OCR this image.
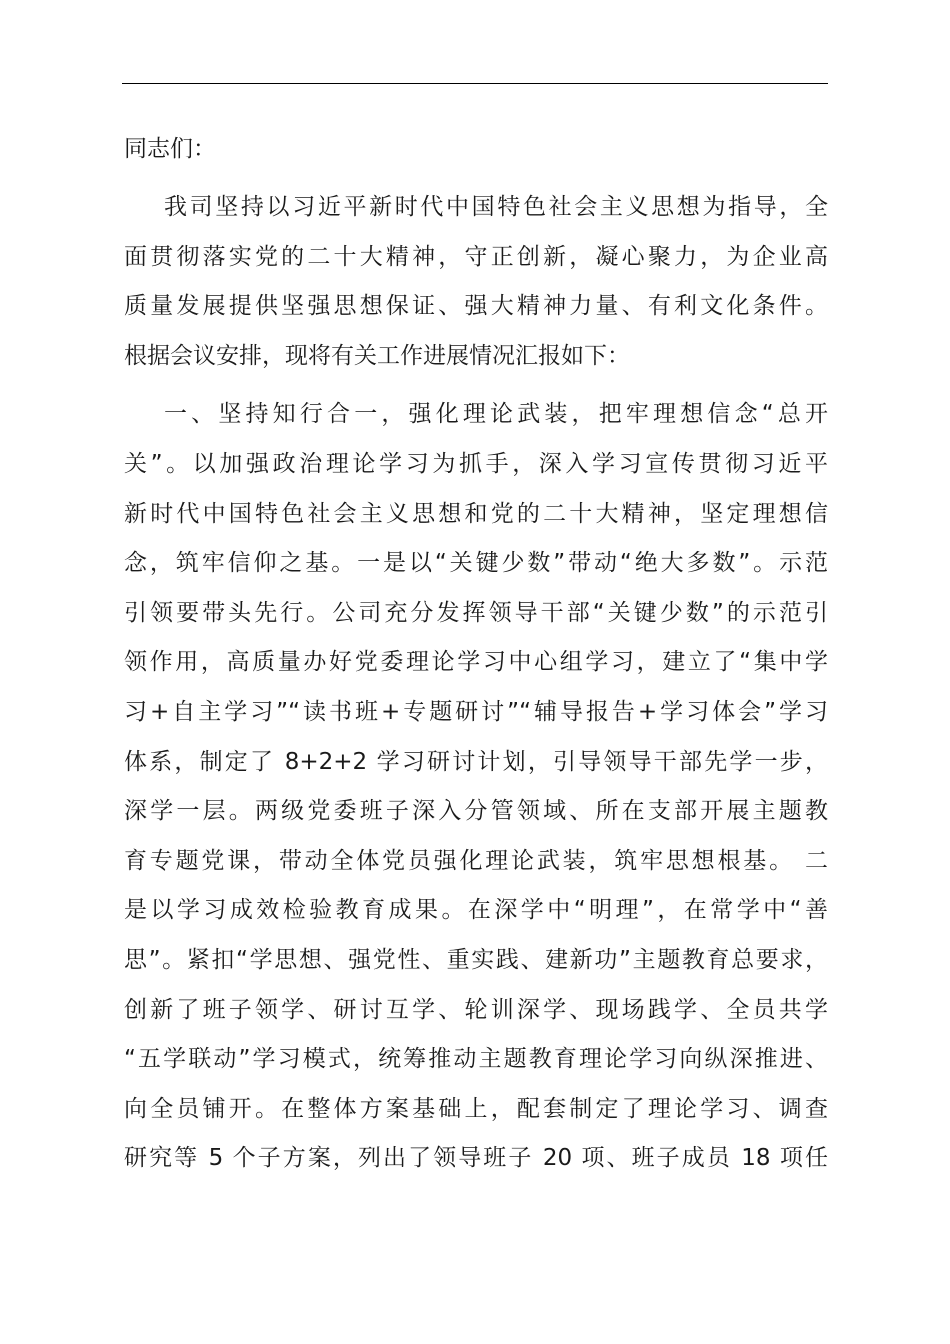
同志们：
我司坚持以习近平新时代中国特色社会主义思想为指导，全
面贯彻落实党的二十大精神，守正创新，凝心聚力，为企业高
质量发展提供坚强思想保证、强大精神力量、有利文化条件。
根据会议安排，现将有关工作进展情况汇报如下：
一、坚持知行合一，强化理论武装，把牢理想信念“总开
关”。以加强政治理论学习为抓手，深入学习宣传贯彻习近平
新时代中国特色社会主义思想和党的二十大精神，坚定理想信
念，筑牢信仰之基。一是以“关键少数”带动“绝大多数”。示范
引领要带头先行。公司充分发挥领导干部“关键少数”的示范引
领作用，高质量办好党委理论学习中心组学习，建立了“集中学
习+自主学习”“读书班+专题研讨”“辅导报告+学习体会”学习
体系，制定了 8+2+2 学习研讨计划，引导领导干部先学一步，
深学一层。两级党委班子深入分管领域、所在支部开展主题教
育专题党课，带动全体党员强化理论武装，筑牢思想根基。 二
是以学习成效检验教育成果。在深学中“明理”，在常学中“善
思”。紧扣“学思想、强党性、重实践、建新功”主题教育总要求，
创新了班子领学、研讨互学、轮训深学、现场践学、全员共学
“五学联动”学习模式，统筹推动主题教育理论学习向纵深推进、
向全员铺开。在整体方案基础上，配套制定了理论学习、调查
研究等 5 个子方案，列出了领导班子 20 项、班子成员 18 项任
